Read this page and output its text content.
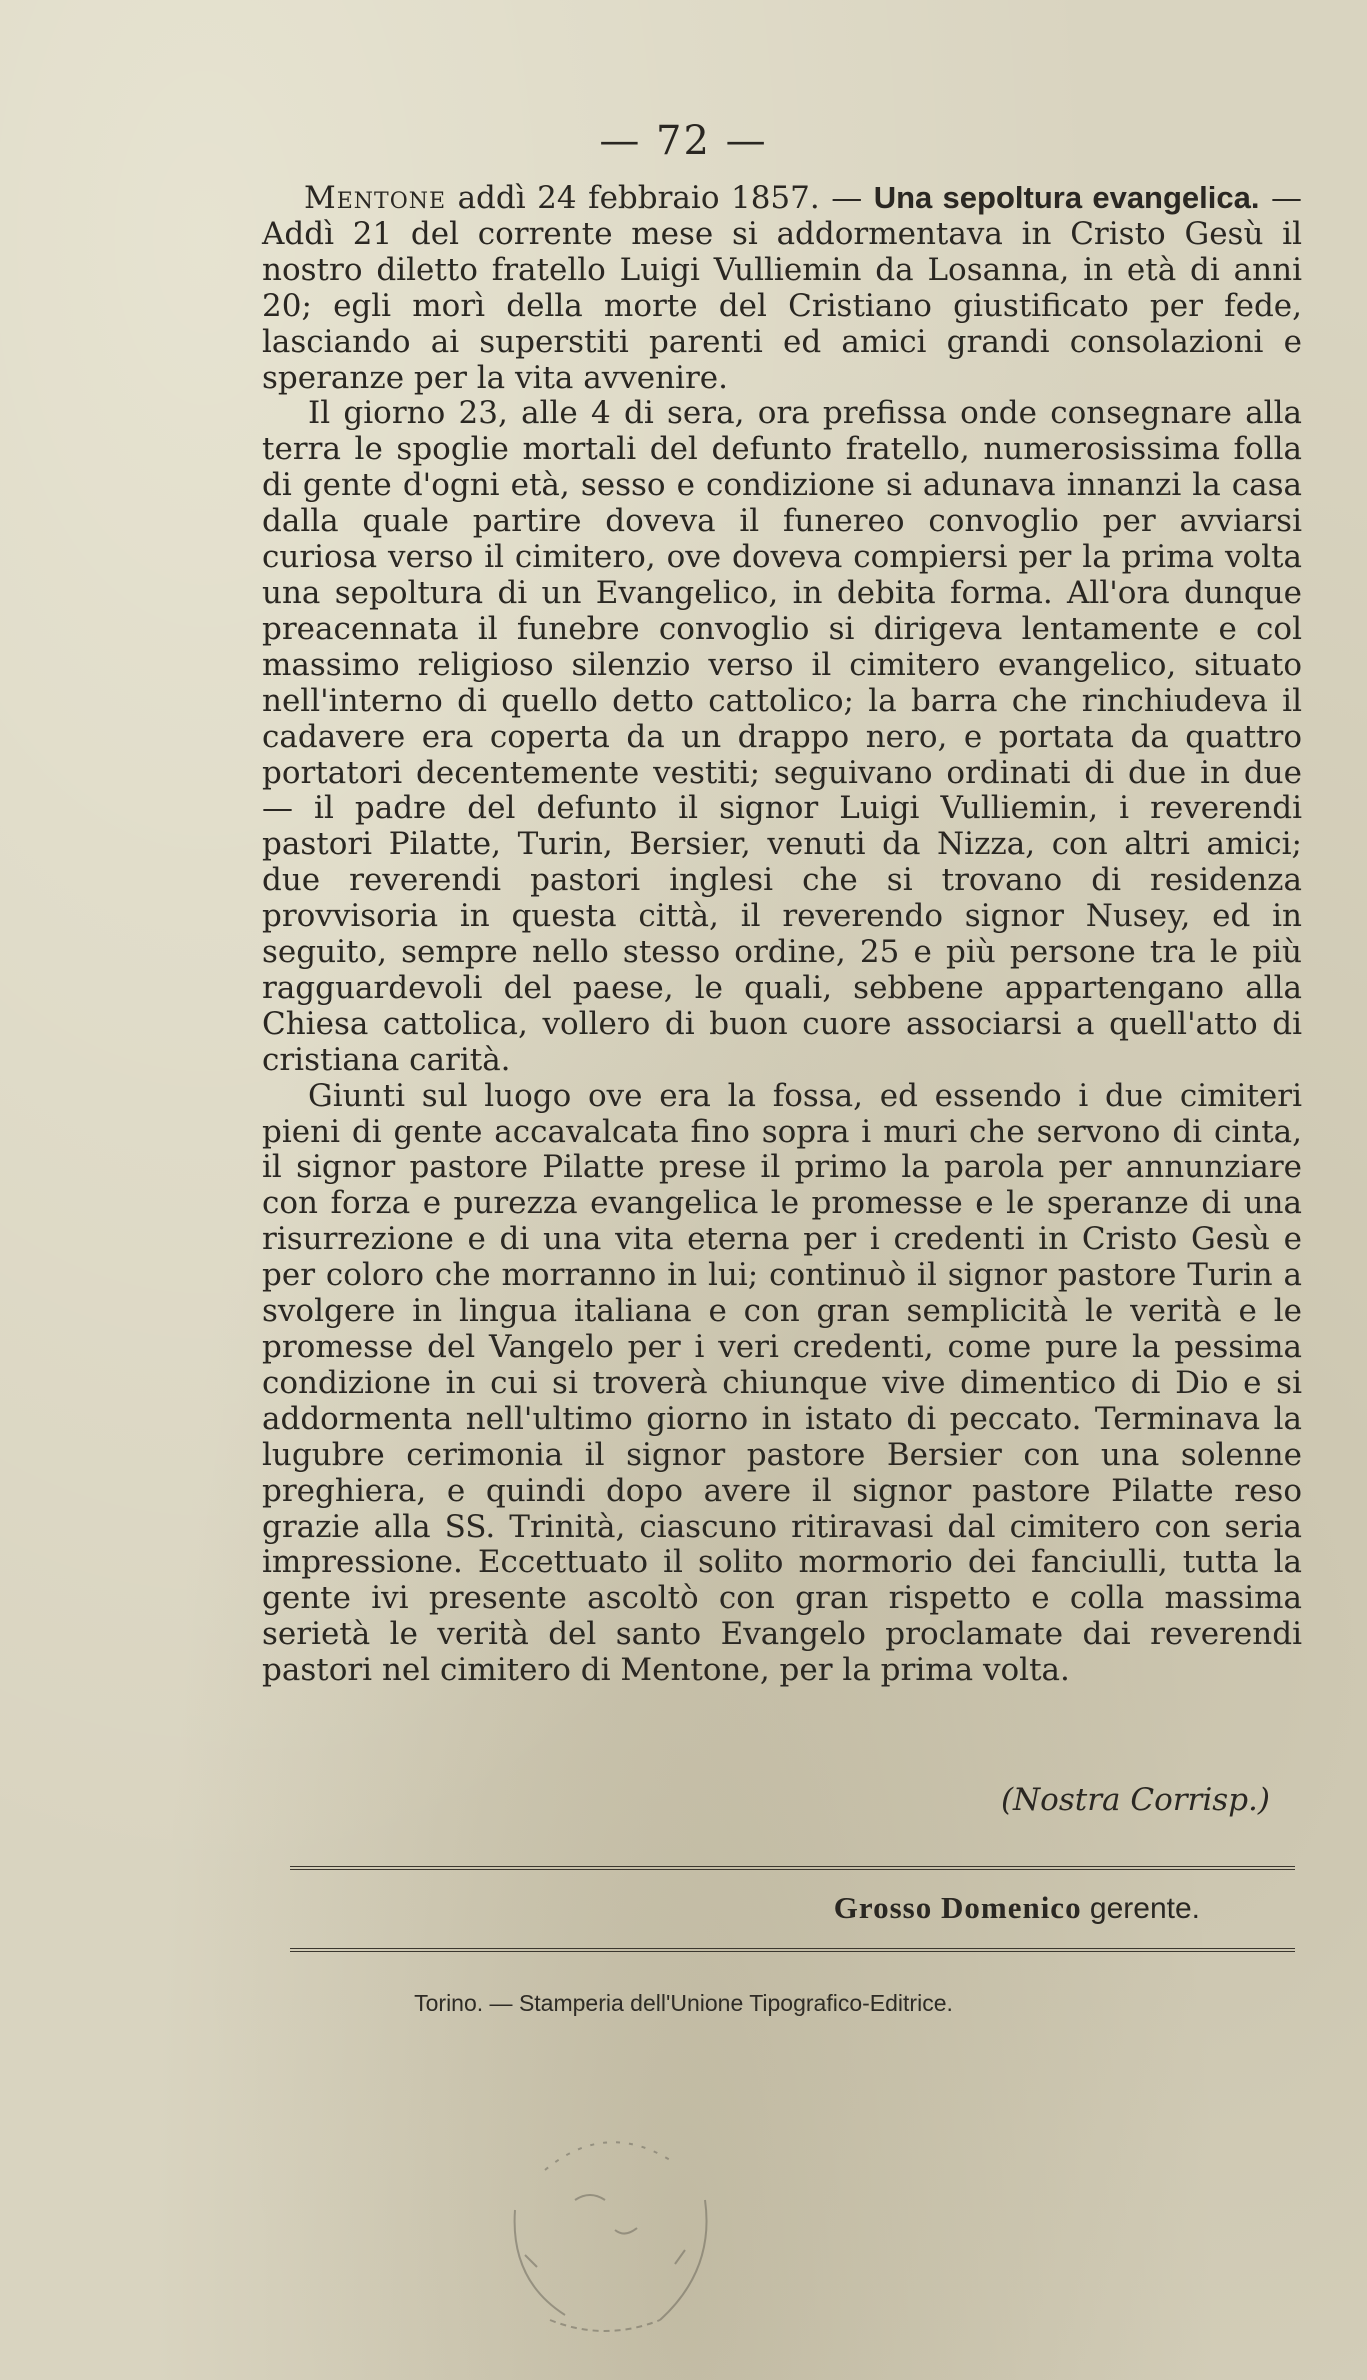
— 72 —

Mentone addì 24 febbraio 1857. — Una sepoltura evangelica. — Addì 21 del corrente mese si addormentava in Cristo Gesù il nostro diletto fratello Luigi Vulliemin da Losanna, in età di anni 20; egli morì della morte del Cristiano giustificato per fede, lasciando ai superstiti parenti ed amici grandi consolazioni e speranze per la vita avvenire.

Il giorno 23, alle 4 di sera, ora prefissa onde consegnare alla terra le spoglie mortali del defunto fratello, numerosissima folla di gente d'ogni età, sesso e condizione si adunava innanzi la casa dalla quale partire doveva il funereo convoglio per avviarsi curiosa verso il cimitero, ove doveva compiersi per la prima volta una sepoltura di un Evangelico, in debita forma. All'ora dunque preacennata il funebre convoglio si dirigeva lentamente e col massimo religioso silenzio verso il cimitero evangelico, situato nell'interno di quello detto cattolico; la barra che rinchiudeva il cadavere era coperta da un drappo nero, e portata da quattro portatori decentemente vestiti; seguivano ordinati di due in due — il padre del defunto il signor Luigi Vulliemin, i reverendi pastori Pilatte, Turin, Bersier, venuti da Nizza, con altri amici; due reverendi pastori inglesi che si trovano di residenza provvisoria in questa città, il reverendo signor Nusey, ed in seguito, sempre nello stesso ordine, 25 e più persone tra le più ragguardevoli del paese, le quali, sebbene appartengano alla Chiesa cattolica, vollero di buon cuore associarsi a quell'atto di cristiana carità.

Giunti sul luogo ove era la fossa, ed essendo i due cimiteri pieni di gente accavalcata fino sopra i muri che servono di cinta, il signor pastore Pilatte prese il primo la parola per annunziare con forza e purezza evangelica le promesse e le speranze di una risurrezione e di una vita eterna per i credenti in Cristo Gesù e per coloro che morranno in lui; continuò il signor pastore Turin a svolgere in lingua italiana e con gran semplicità le verità e le promesse del Vangelo per i veri credenti, come pure la pessima condizione in cui si troverà chiunque vive dimentico di Dio e si addormenta nell'ultimo giorno in istato di peccato. Terminava la lugubre cerimonia il signor pastore Bersier con una solenne preghiera, e quindi dopo avere il signor pastore Pilatte reso grazie alla SS. Trinità, ciascuno ritiravasi dal cimitero con seria impressione. Eccettuato il solito mormorio dei fanciulli, tutta la gente ivi presente ascoltò con gran rispetto e colla massima serietà le verità del santo Evangelo proclamate dai reverendi pastori nel cimitero di Mentone, per la prima volta.

(Nostra Corrisp.)
Grosso Domenico gerente.
Torino. — Stamperia dell'Unione Tipografico-Editrice.
